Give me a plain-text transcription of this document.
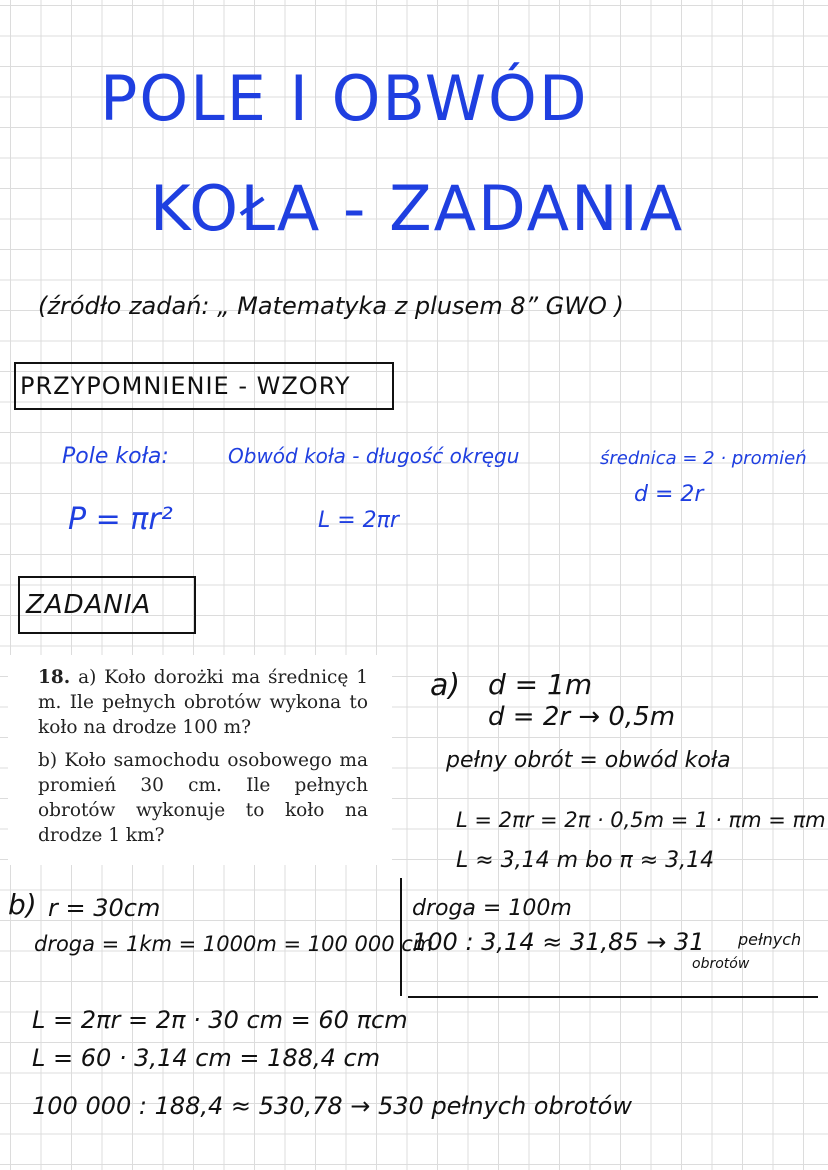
POLE I OBWÓD
KOŁA - ZADANIA
(źródło zadań: „ Matematyka z plusem 8” GWO )
PRZYPOMNIENIE - WZORY
Pole koła:
P = πr²
Obwód koła - długość okręgu
L = 2πr
średnica = 2 · promień
d = 2r
ZADANIA

18. a) Koło dorożki ma średnicę 1 m. Ile pełnych obrotów wykona to koło na drodze 100 m?

b) Koło samochodu osobowego ma promień 30 cm. Ile pełnych obrotów wykonuje to koło na drodze 1 km?

a) d = 1m
d = 2r → 0,5m
pełny obrót = obwód koła
L = 2πr = 2π · 0,5m = 1 · πm = πm
L ≈ 3,14 m bo π ≈ 3,14
droga = 100m
100 : 3,14 ≈ 31,85 → 31 pełnych
obrotów
b) r = 30cm
droga = 1km = 1000m = 100 000 cm
L = 2πr = 2π · 30 cm = 60 πcm
L = 60 · 3,14 cm = 188,4 cm
100 000 : 188,4 ≈ 530,78 → 530 pełnych obrotów
